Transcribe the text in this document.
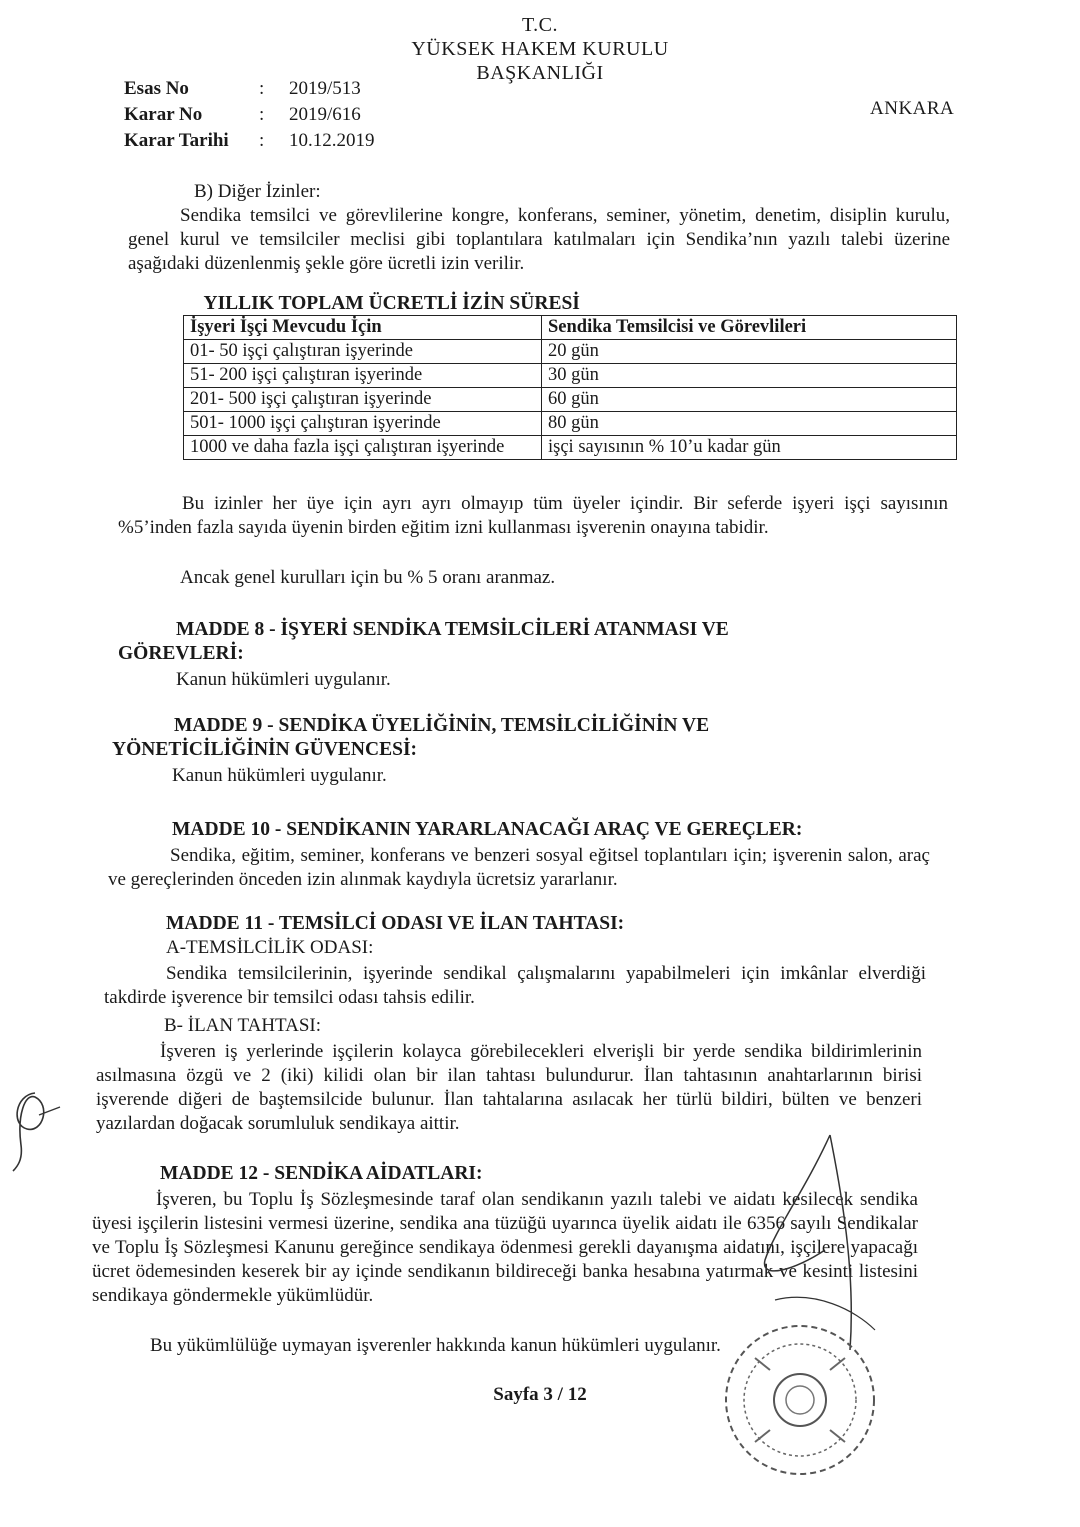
T.C.
YÜKSEK HAKEM KURULU
BAŞKANLIĞI
Esas No	:	2019/513
Karar No	:	2019/616
Karar Tarihi	:	10.12.2019
ANKARA
B) Diğer İzinler:
Sendika temsilci ve görevlilerine kongre, konferans, seminer, yönetim, denetim, disiplin kurulu, genel kurul ve temsilciler meclisi gibi toplantılara katılmaları için Sendika’nın yazılı talebi üzerine aşağıdaki düzenlenmiş şekle göre ücretli izin verilir.
YILLIK TOPLAM ÜCRETLİ İZİN SÜRESİ	
İşyeri İşçi Mevcudu İçin	Sendika Temsilcisi ve Görevlileri
01- 50 işçi çalıştıran işyerinde	20 gün
51- 200 işçi çalıştıran işyerinde	30 gün
201- 500 işçi çalıştıran işyerinde	60 gün
501- 1000 işçi çalıştıran işyerinde	80 gün
1000 ve daha fazla işçi çalıştıran işyerinde	işçi sayısının % 10’u kadar gün
Bu izinler her üye için ayrı ayrı olmayıp tüm üyeler içindir. Bir seferde işyeri işçi sayısının %5’inden fazla sayıda üyenin birden eğitim izni kullanması işverenin onayına tabidir.
Ancak genel kurulları için bu % 5 oranı aranmaz.
MADDE 8 - İŞYERİ SENDİKA TEMSİLCİLERİ ATANMASI VE GÖREVLERİ:
Kanun hükümleri uygulanır.
MADDE 9 - SENDİKA ÜYELİĞİNİN, TEMSİLCİLİĞİNİN VE YÖNETİCİLİĞİNİN GÜVENCESİ:
Kanun hükümleri uygulanır.
MADDE 10 - SENDİKANIN YARARLANACAĞI ARAÇ VE GEREÇLER:
Sendika, eğitim, seminer, konferans ve benzeri sosyal eğitsel toplantıları için; işverenin salon, araç ve gereçlerinden önceden izin alınmak kaydıyla ücretsiz yararlanır.
MADDE 11 - TEMSİLCİ ODASI VE İLAN TAHTASI:
A-TEMSİLCİLİK ODASI:
Sendika temsilcilerinin, işyerinde sendikal çalışmalarını yapabilmeleri için imkânlar elverdiği takdirde işverence bir temsilci odası tahsis edilir.
B- İLAN TAHTASI:
İşveren iş yerlerinde işçilerin kolayca görebilecekleri elverişli bir yerde sendika bildirimlerinin asılmasına özgü ve 2 (iki) kilidi olan bir ilan tahtası bulundurur. İlan tahtasının anahtarlarının birisi işverende diğeri de baştemsilcide bulunur. İlan tahtalarına asılacak her türlü bildiri, bülten ve benzeri yazılardan doğacak sorumluluk sendikaya aittir.
MADDE 12 - SENDİKA AİDATLARI:
İşveren, bu Toplu İş Sözleşmesinde taraf olan sendikanın yazılı talebi ve aidatı kesilecek sendika üyesi işçilerin listesini vermesi üzerine, sendika ana tüzüğü uyarınca üyelik aidatı ile 6356 sayılı Sendikalar ve Toplu İş Sözleşmesi Kanunu gereğince sendikaya ödenmesi gerekli dayanışma aidatını, işçilere yapacağı ücret ödemesinden keserek bir ay içinde sendikanın bildireceği banka hesabına yatırmak ve kesinti listesini sendikaya göndermekle yükümlüdür.
Bu yükümlülüğe uymayan işverenler hakkında kanun hükümleri uygulanır.
Sayfa 3 / 12
